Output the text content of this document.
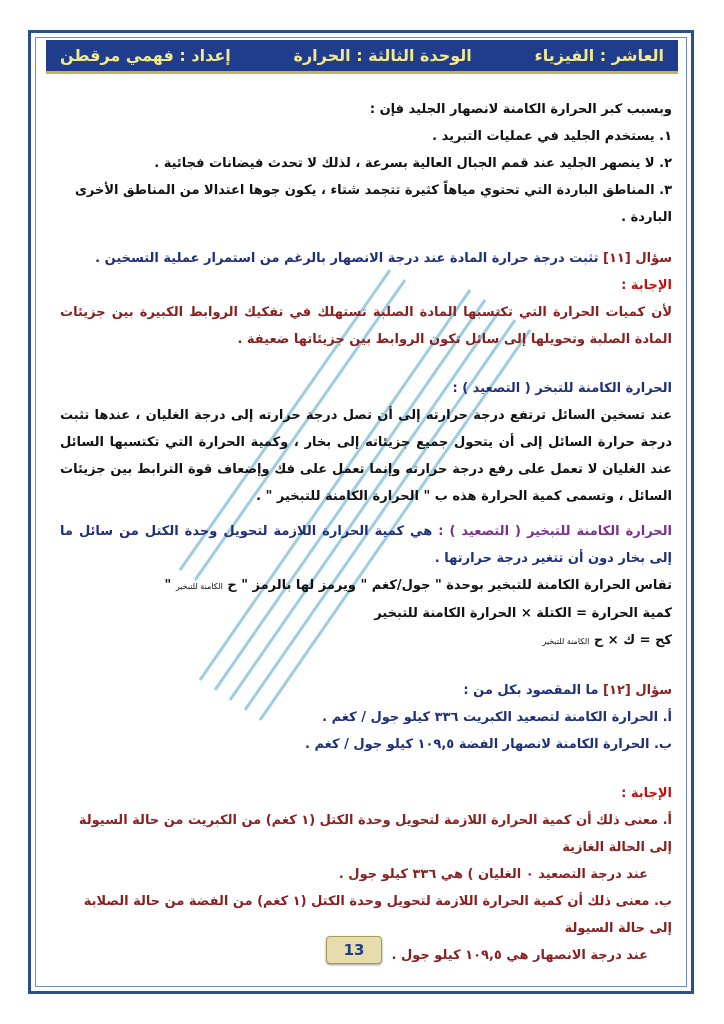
العاشر : الفيزياء
الوحدة الثالثة : الحرارة
إعداد : فهمي مرقطن

وبسبب كبر الحرارة الكامنة لانصهار الجليد فإن :

١. يستخدم الجليد في عمليات التبريد .

٢. لا ينصهر الجليد عند قمم الجبال العالية بسرعة ، لذلك لا تحدث فيضانات فجائية .

٣. المناطق الباردة التي تحتوي مياهاً كثيرة تتجمد شتاء ، يكون جوها اعتدالا من المناطق الأخرى الباردة .

سؤال [١١] تثبت درجة حرارة المادة عند درجة الانصهار بالرغم من استمرار عملية التسخين .

الإجابة :

لأن كميات الحرارة التي تكتسبها المادة الصلبة تستهلك في تفكيك الروابط الكبيرة بين جزيئات المادة الصلبة وتحويلها إلى سائل تكون الروابط بين جزيئاتها ضعيفة .

الحرارة الكامنة للتبخر ( التصعيد ) :

عند تسخين السائل ترتفع درجة حرارته إلى أن تصل درجة حرارته إلى درجة الغليان ، عندها تثبت درجة حرارة السائل إلى أن يتحول جميع جزيئاته إلى بخار ، وكمية الحرارة التي تكتسبها السائل عند الغليان لا تعمل على رفع درجة حرارته وإنما تعمل على فك وإضعاف قوة الترابط بين جزيئات السائل ، وتسمى كمية الحرارة هذه ب " الحرارة الكامنة للتبخير " .

الحرارة الكامنة للتبخير ( التصعيد ) : هي كمية الحرارة اللازمة لتحويل وحدة الكتل من سائل ما إلى بخار دون أن تتغير درجة حرارتها .

تقاس الحرارة الكامنة للتبخير بوحدة " جول/كغم " ويرمز لها بالرمز " ح الكامنة للتبخير "

كمية الحرارة = الكتلة × الحرارة الكامنة للتبخير

كح = ك × ح الكامنة للتبخير

سؤال [١٢] ما المقصود بكل من :

أ. الحرارة الكامنة لتصعيد الكبريت ٣٣٦ كيلو جول / كغم .

ب. الحرارة الكامنة لانصهار الفضة ١٠٩,٥ كيلو جول / كغم .

الإجابة :

أ. معنى ذلك أن كمية الحرارة اللازمة لتحويل وحدة الكتل (١ كغم) من الكبريت من حالة السيولة إلى الحالة الغازية

عند درجة التصعيد ٠ الغليان ) هي ٣٣٦ كيلو جول .

ب. معنى ذلك أن كمية الحرارة اللازمة لتحويل وحدة الكتل (١ كغم) من الفضة من حالة الصلابة إلى حالة السيولة

عند درجة الانصهار هي ١٠٩,٥ كيلو جول .

13
